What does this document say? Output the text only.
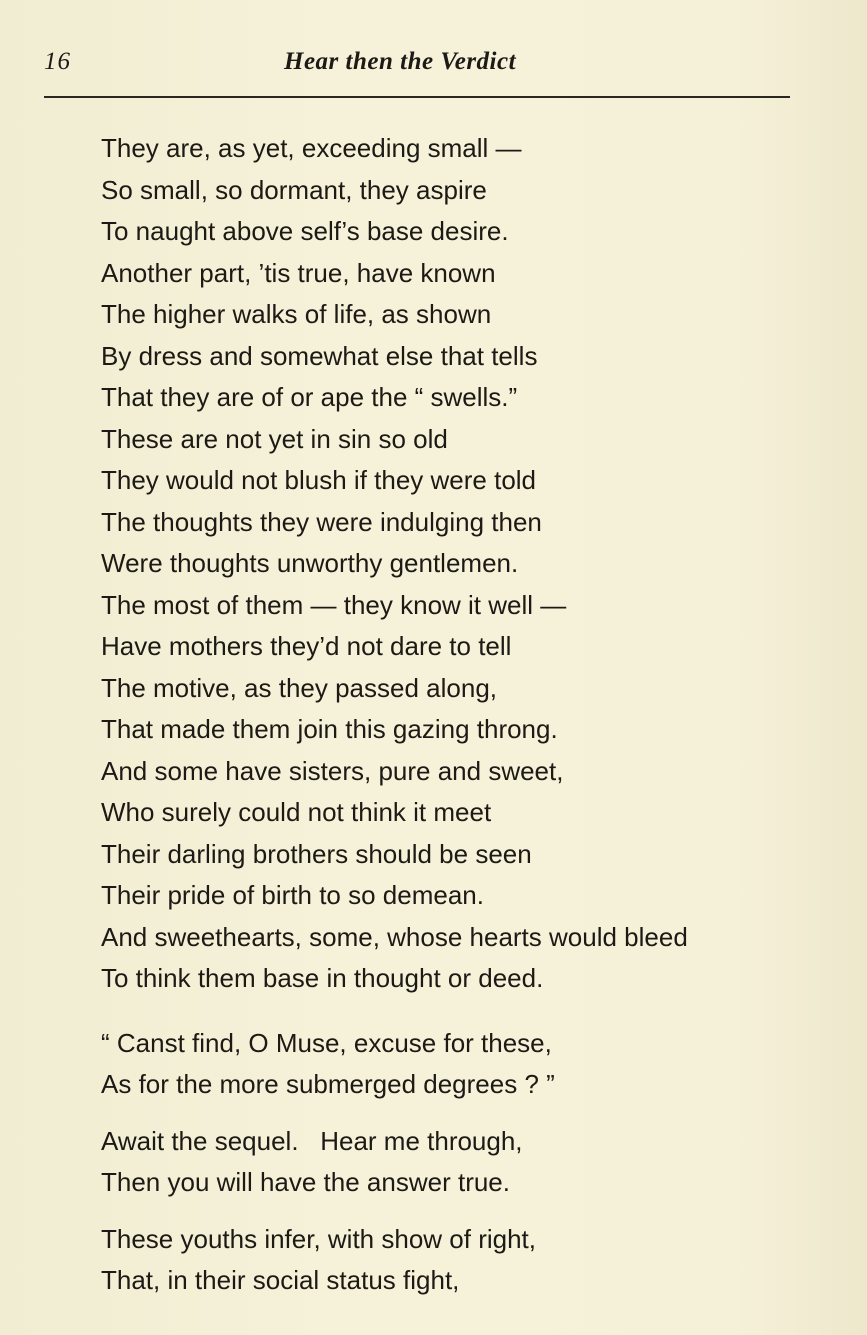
16	Hear then the Verdict
They are, as yet, exceeding small —
So small, so dormant, they aspire
To naught above self’s base desire.
Another part, ’tis true, have known
The higher walks of life, as shown
By dress and somewhat else that tells
That they are of or ape the “ swells.”
These are not yet in sin so old
They would not blush if they were told
The thoughts they were indulging then
Were thoughts unworthy gentlemen.
The most of them — they know it well —
Have mothers they’d not dare to tell
The motive, as they passed along,
That made them join this gazing throng.
And some have sisters, pure and sweet,
Who surely could not think it meet
Their darling brothers should be seen
Their pride of birth to so demean.
And sweethearts, some, whose hearts would bleed
To think them base in thought or deed.
“ Canst find, O Muse, excuse for these,
As for the more submerged degrees ? ”
Await the sequel.   Hear me through,
Then you will have the answer true.
These youths infer, with show of right,
That, in their social status fight,
